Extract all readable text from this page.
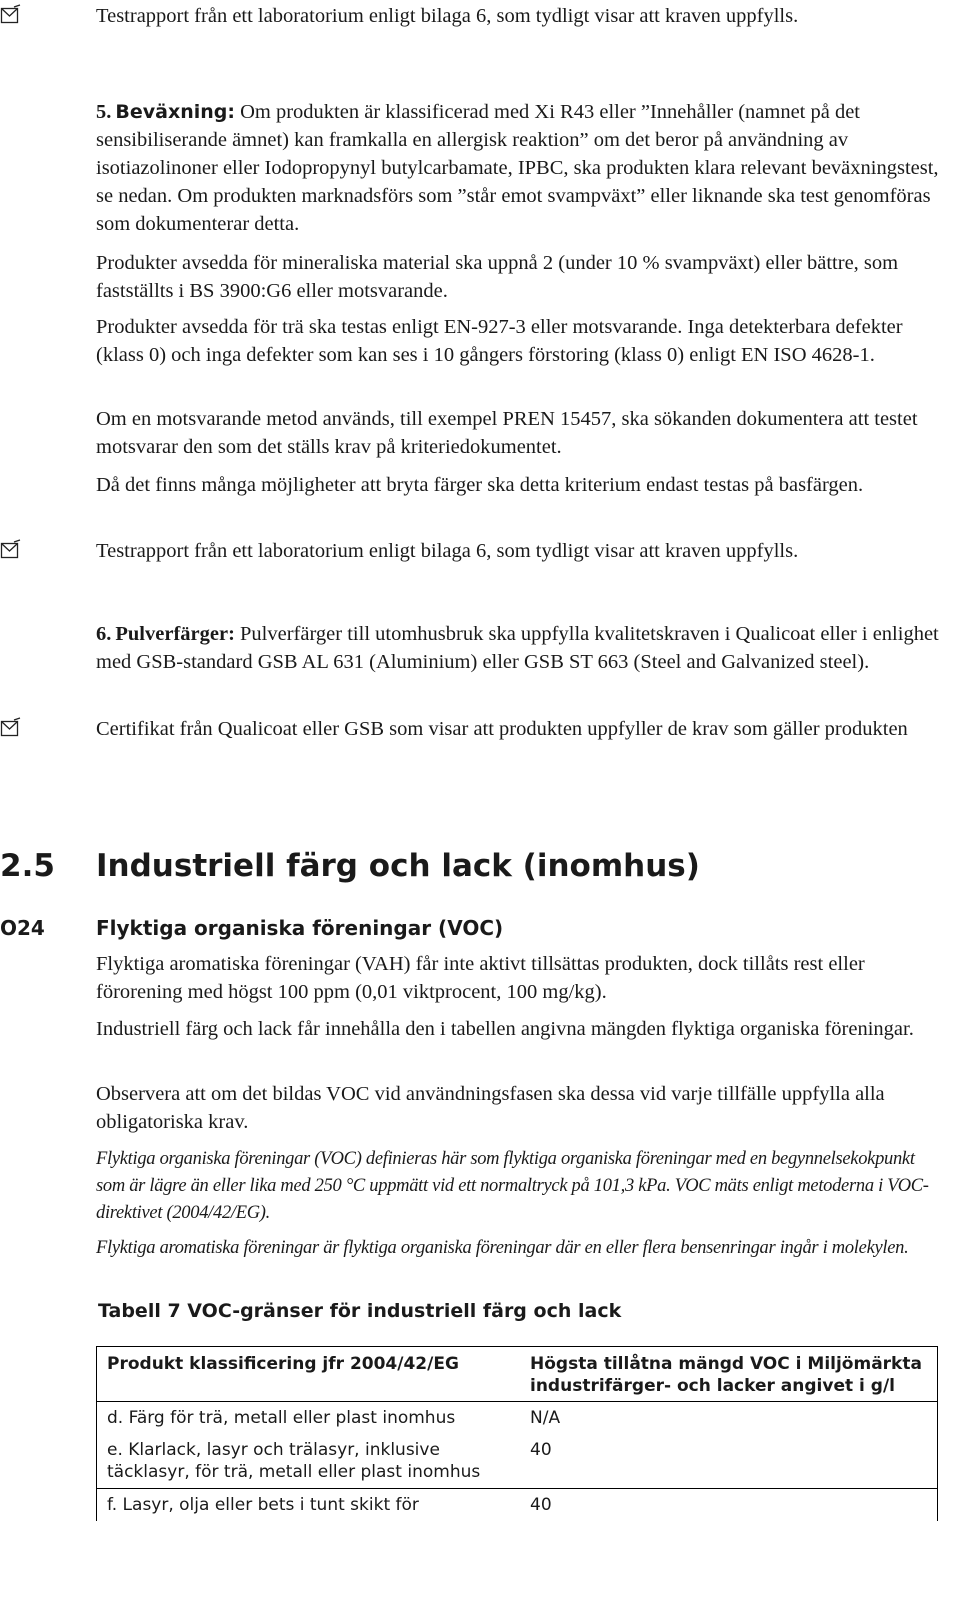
Testrapport från ett laboratorium enligt bilaga 6, som tydligt visar att kraven uppfylls.

5. Beväxning: Om produkten är klassificerad med Xi R43 eller ”Innehåller (namnet på det sensibiliserande ämnet) kan framkalla en allergisk reaktion” om det beror på användning av isotiazolinoner eller Iodopropynyl butylcarbamate, IPBC, ska produkten klara relevant beväxningstest, se nedan. Om produkten marknadsförs som ”står emot svampväxt” eller liknande ska test genomföras som dokumenterar detta.

Produkter avsedda för mineraliska material ska uppnå 2 (under 10 % svampväxt) eller bättre, som fastställts i BS 3900:G6 eller motsvarande.

Produkter avsedda för trä ska testas enligt EN-927-3 eller motsvarande. Inga detekterbara defekter (klass 0) och inga defekter som kan ses i 10 gångers förstoring (klass 0) enligt EN ISO 4628-1.

Om en motsvarande metod används, till exempel PREN 15457, ska sökanden dokumentera att testet motsvarar den som det ställs krav på kriteriedokumentet.

Då det finns många möjligheter att bryta färger ska detta kriterium endast testas på basfärgen.

Testrapport från ett laboratorium enligt bilaga 6, som tydligt visar att kraven uppfylls.

6. Pulverfärger: Pulverfärger till utomhusbruk ska uppfylla kvalitetskraven i Qualicoat eller i enlighet med GSB-standard GSB AL 631 (Aluminium) eller GSB ST 663 (Steel and Galvanized steel).

Certifikat från Qualicoat eller GSB som visar att produkten uppfyller de krav som gäller produkten
2.5 Industriell färg och lack (inomhus)
O24	Flyktiga organiska föreningar (VOC)

Flyktiga aromatiska föreningar (VAH) får inte aktivt tillsättas produkten, dock tillåts rest eller förorening med högst 100 ppm (0,01 viktprocent, 100 mg/kg).

Industriell färg och lack får innehålla den i tabellen angivna mängden flyktiga organiska föreningar.

Observera att om det bildas VOC vid användningsfasen ska dessa vid varje tillfälle uppfylla alla obligatoriska krav.

Flyktiga organiska föreningar (VOC) definieras här som flyktiga organiska föreningar med en begynnelsekokpunkt som är lägre än eller lika med 250 °C uppmätt vid ett normaltryck på 101,3 kPa. VOC mäts enligt metoderna i VOC-direktivet (2004/42/EG).

Flyktiga aromatiska föreningar är flyktiga organiska föreningar där en eller flera bensenringar ingår i molekylen.

Tabell 7 VOC-gränser för industriell färg och lack
Produkt klassificering jfr 2004/42/EG	Högsta tillåtna mängd VOC i Miljömärkta industrifärger- och lacker angivet i g/l
d. Färg för trä, metall eller plast inomhus	N/A
e. Klarlack, lasyr och trälasyr, inklusive täcklasyr, för trä, metall eller plast inomhus	40
f. Lasyr, olja eller bets i tunt skikt för	40
